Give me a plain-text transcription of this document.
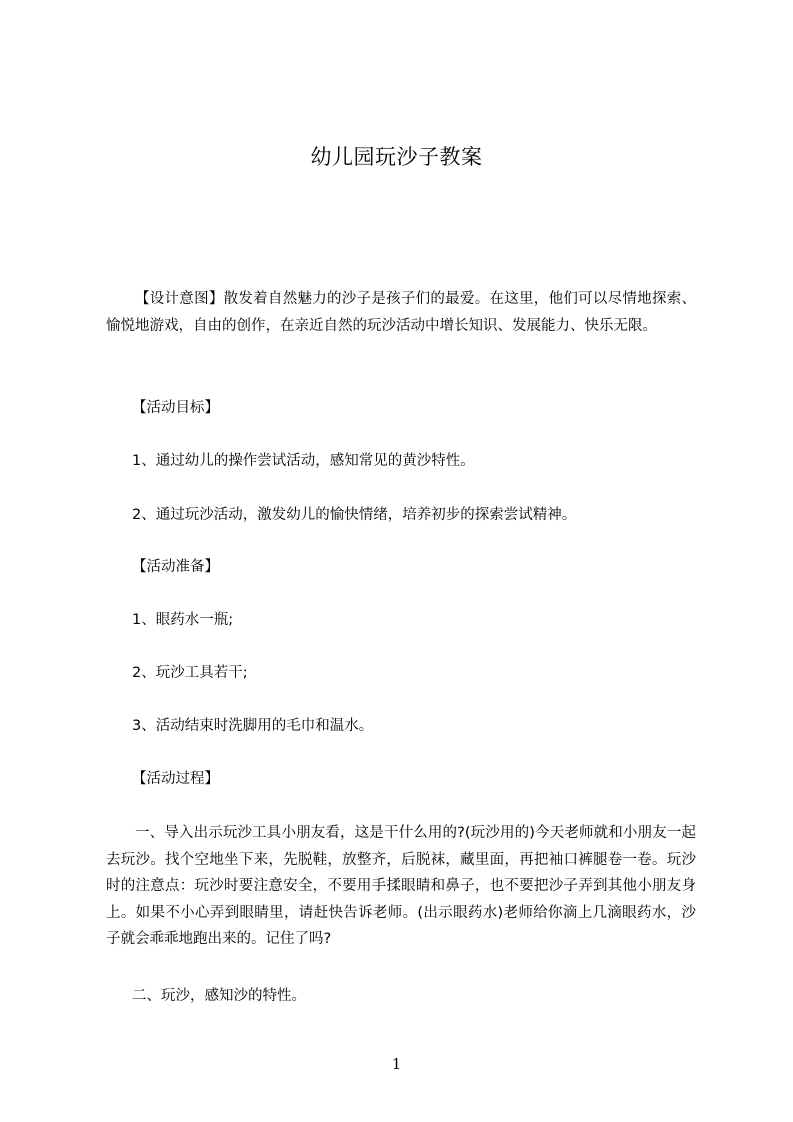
幼儿园玩沙子教案

【设计意图】散发着自然魅力的沙子是孩子们的最爱。在这里，他们可以尽情地探索、愉悦地游戏，自由的创作，在亲近自然的玩沙活动中增长知识、发展能力、快乐无限。

【活动目标】

1、通过幼儿的操作尝试活动，感知常见的黄沙特性。

2、通过玩沙活动，激发幼儿的愉快情绪，培养初步的探索尝试精神。

【活动准备】

1、眼药水一瓶;

2、玩沙工具若干;

3、活动结束时洗脚用的毛巾和温水。

【活动过程】

一、导入出示玩沙工具小朋友看，这是干什么用的?(玩沙用的)今天老师就和小朋友一起去玩沙。找个空地坐下来，先脱鞋，放整齐，后脱袜，藏里面，再把袖口裤腿卷一卷。玩沙时的注意点：玩沙时要注意安全，不要用手揉眼睛和鼻子，也不要把沙子弄到其他小朋友身上。如果不小心弄到眼睛里，请赶快告诉老师。(出示眼药水)老师给你滴上几滴眼药水，沙子就会乖乖地跑出来的。记住了吗?

二、玩沙，感知沙的特性。

1
